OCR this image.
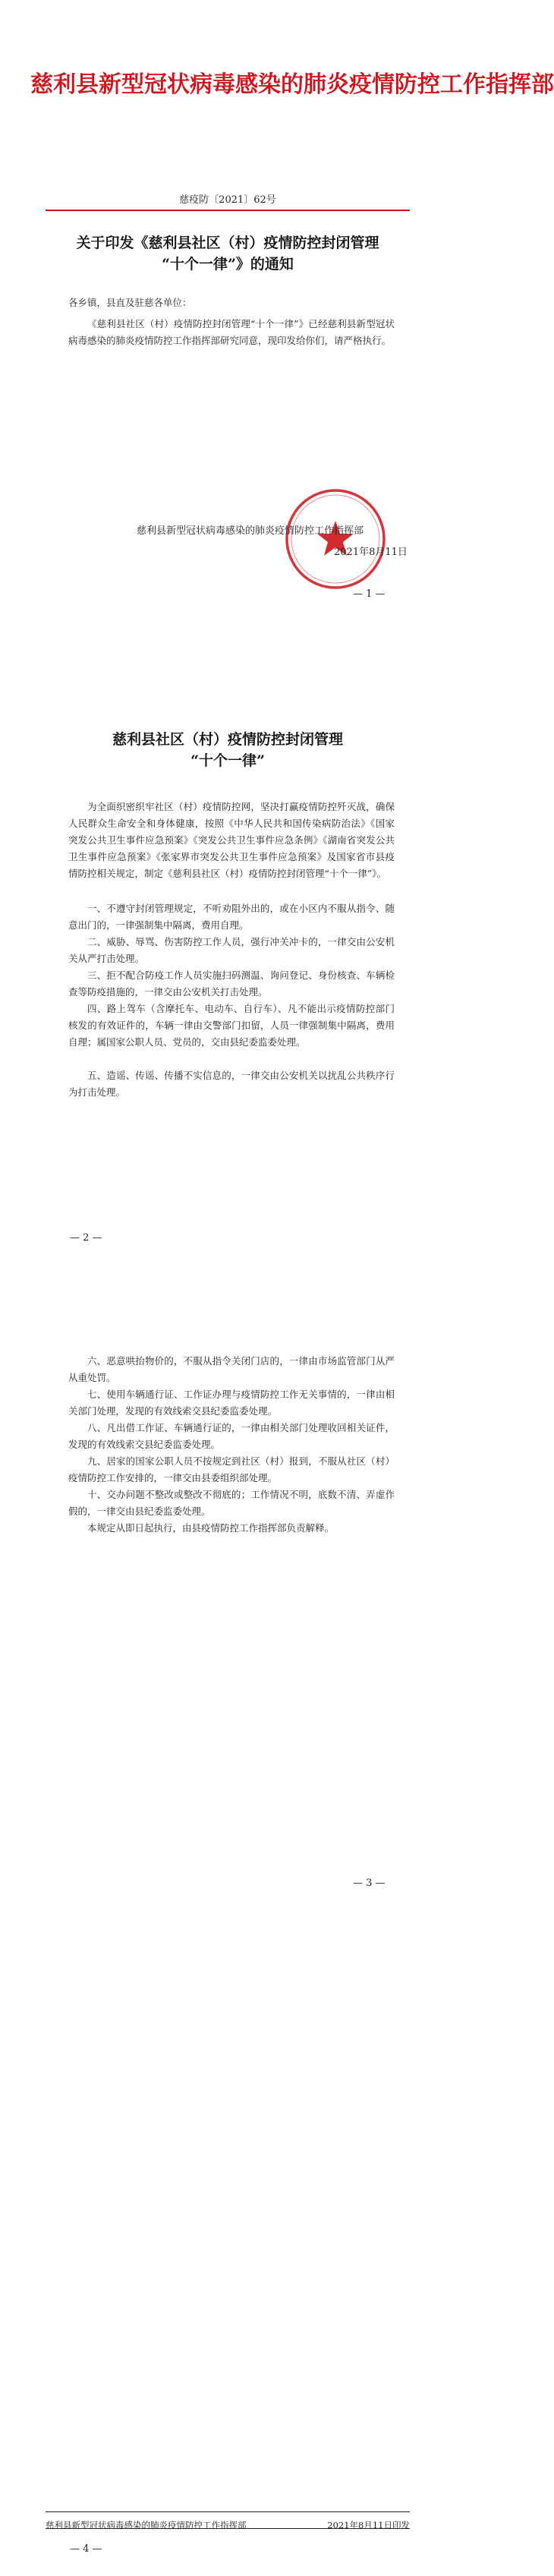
慈利县新型冠状病毒感染的肺炎疫情防控工作指挥部
慈疫防〔2021〕62号
关于印发《慈利县社区（村）疫情防控封闭管理
“十个一律”》的通知

各乡镇，县直及驻慈各单位：

《慈利县社区（村）疫情防控封闭管理“十个一律”》已经慈利县新型冠状病毒感染的肺炎疫情防控工作指挥部研究同意，现印发给你们，请严格执行。

慈利县新型冠状病毒感染的肺炎疫情防控工作指挥部
2021年8月11日
— 1 —
慈利县社区（村）疫情防控封闭管理
“十个一律”

为全面织密织牢社区（村）疫情防控网，坚决打赢疫情防控歼灭战，确保人民群众生命安全和身体健康，按照《中华人民共和国传染病防治法》《国家突发公共卫生事件应急预案》《突发公共卫生事件应急条例》《湖南省突发公共卫生事件应急预案》《张家界市突发公共卫生事件应急预案》及国家省市县疫情防控相关规定，制定《慈利县社区（村）疫情防控封闭管理“十个一律”》。

一、不遵守封闭管理规定，不听劝阻外出的，或在小区内不服从指令、随意出门的，一律强制集中隔离，费用自理。

二、威胁、辱骂、伤害防控工作人员，强行冲关冲卡的，一律交由公安机关从严打击处理。

三、拒不配合防疫工作人员实施扫码测温、询问登记、身份核查、车辆检查等防疫措施的，一律交由公安机关打击处理。

四、路上驾车（含摩托车、电动车、自行车）、凡不能出示疫情防控部门核发的有效证件的，车辆一律由交警部门扣留，人员一律强制集中隔离，费用自理；属国家公职人员、党员的，交由县纪委监委处理。

五、造谣、传谣、传播不实信息的，一律交由公安机关以扰乱公共秩序行为打击处理。

— 2 —

六、恶意哄抬物价的，不服从指令关闭门店的，一律由市场监管部门从严从重处罚。

七、使用车辆通行证、工作证办理与疫情防控工作无关事情的，一律由相关部门处理，发现的有效线索交县纪委监委处理。

八、凡出借工作证、车辆通行证的，一律由相关部门处理收回相关证件，发现的有效线索交县纪委监委处理。

九、居家的国家公职人员不按规定到社区（村）报到，不服从社区（村）疫情防控工作安排的，一律交由县委组织部处理。

十、交办问题不整改或整改不彻底的；工作情况不明，底数不清、弄虚作假的，一律交由县纪委监委处理。

本规定从即日起执行，由县疫情防控工作指挥部负责解释。

— 3 —
— 4 —
慈利县新型冠状病毒感染的肺炎疫情防控工作指挥部	2021年8月11日印发
